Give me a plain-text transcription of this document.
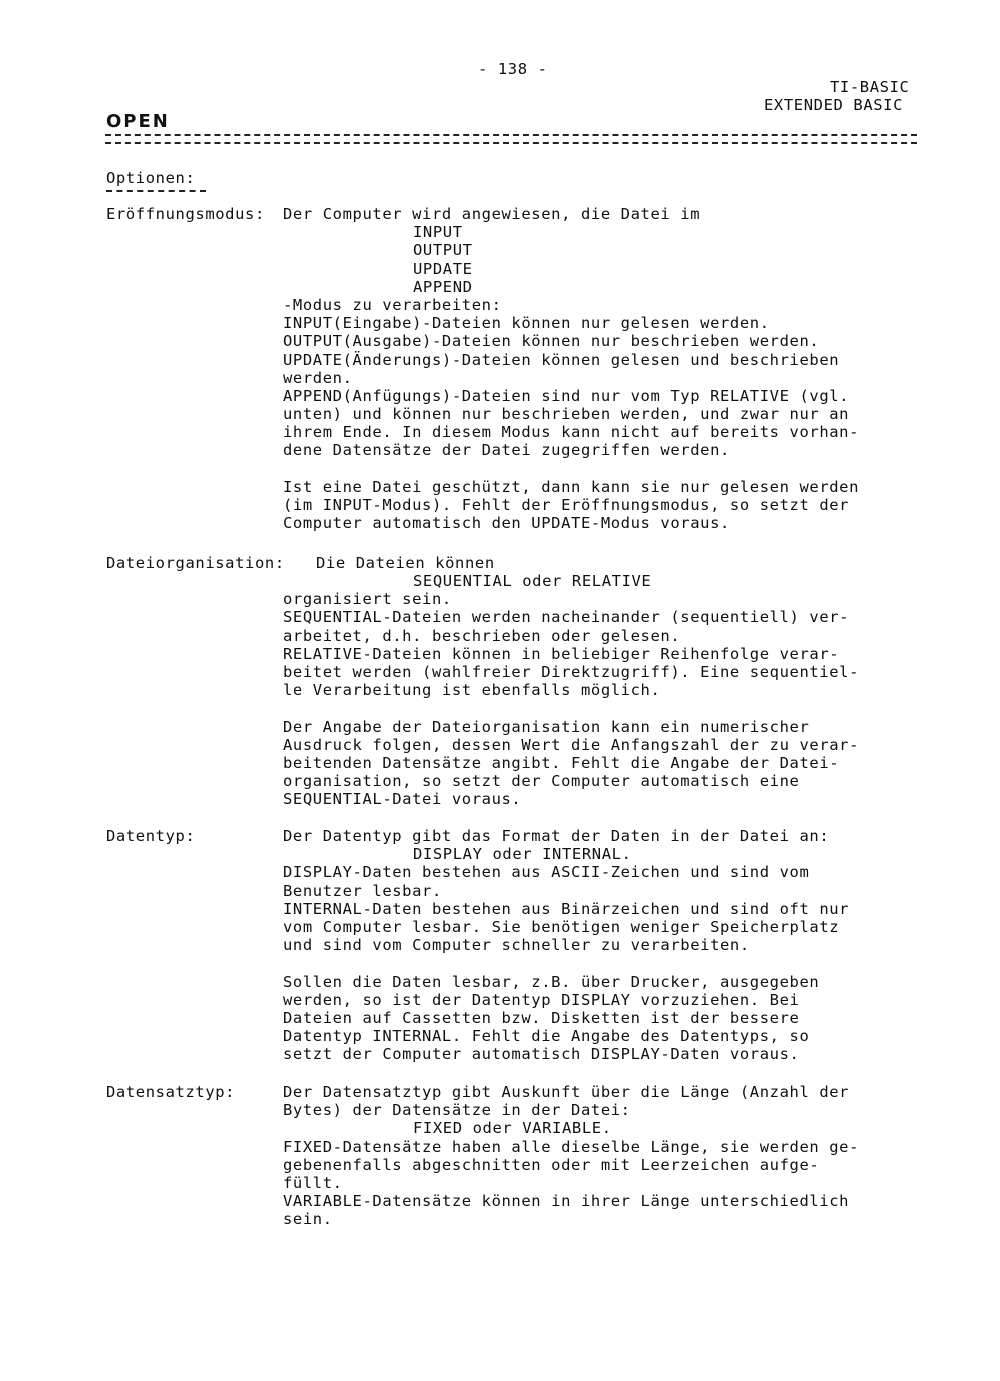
- 138 -
TI-BASIC
EXTENDED BASIC
OPEN
Optionen:
Eröffnungsmodus: Der Computer wird angewiesen, die Datei im
INPUT
OUTPUT
UPDATE
APPEND
-Modus zu verarbeiten:
INPUT(Eingabe)-Dateien können nur gelesen werden.
OUTPUT(Ausgabe)-Dateien können nur beschrieben werden.
UPDATE(Änderungs)-Dateien können gelesen und beschrieben
werden.
APPEND(Anfügungs)-Dateien sind nur vom Typ RELATIVE (vgl.
unten) und können nur beschrieben werden, und zwar nur an
ihrem Ende. In diesem Modus kann nicht auf bereits vorhan-
dene Datensätze der Datei zugegriffen werden.
Ist eine Datei geschützt, dann kann sie nur gelesen werden
(im INPUT-Modus). Fehlt der Eröffnungsmodus, so setzt der
Computer automatisch den UPDATE-Modus voraus.
Dateiorganisation: Die Dateien können
SEQUENTIAL oder RELATIVE
organisiert sein.
SEQUENTIAL-Dateien werden nacheinander (sequentiell) ver-
arbeitet, d.h. beschrieben oder gelesen.
RELATIVE-Dateien können in beliebiger Reihenfolge verar-
beitet werden (wahlfreier Direktzugriff). Eine sequentiel-
le Verarbeitung ist ebenfalls möglich.
Der Angabe der Dateiorganisation kann ein numerischer
Ausdruck folgen, dessen Wert die Anfangszahl der zu verar-
beitenden Datensätze angibt. Fehlt die Angabe der Datei-
organisation, so setzt der Computer automatisch eine
SEQUENTIAL-Datei voraus.
Datentyp:	Der Datentyp gibt das Format der Daten in der Datei an:
DISPLAY oder INTERNAL.
DISPLAY-Daten bestehen aus ASCII-Zeichen und sind vom
Benutzer lesbar.
INTERNAL-Daten bestehen aus Binärzeichen und sind oft nur
vom Computer lesbar. Sie benötigen weniger Speicherplatz
und sind vom Computer schneller zu verarbeiten.
Sollen die Daten lesbar, z.B. über Drucker, ausgegeben
werden, so ist der Datentyp DISPLAY vorzuziehen. Bei
Dateien auf Cassetten bzw. Disketten ist der bessere
Datentyp INTERNAL. Fehlt die Angabe des Datentyps, so
setzt der Computer automatisch DISPLAY-Daten voraus.
Datensatztyp:	Der Datensatztyp gibt Auskunft über die Länge (Anzahl der
Bytes) der Datensätze in der Datei:
FIXED oder VARIABLE.
FIXED-Datensätze haben alle dieselbe Länge, sie werden ge-
gebenenfalls abgeschnitten oder mit Leerzeichen aufge-
füllt.
VARIABLE-Datensätze können in ihrer Länge unterschiedlich
sein.
